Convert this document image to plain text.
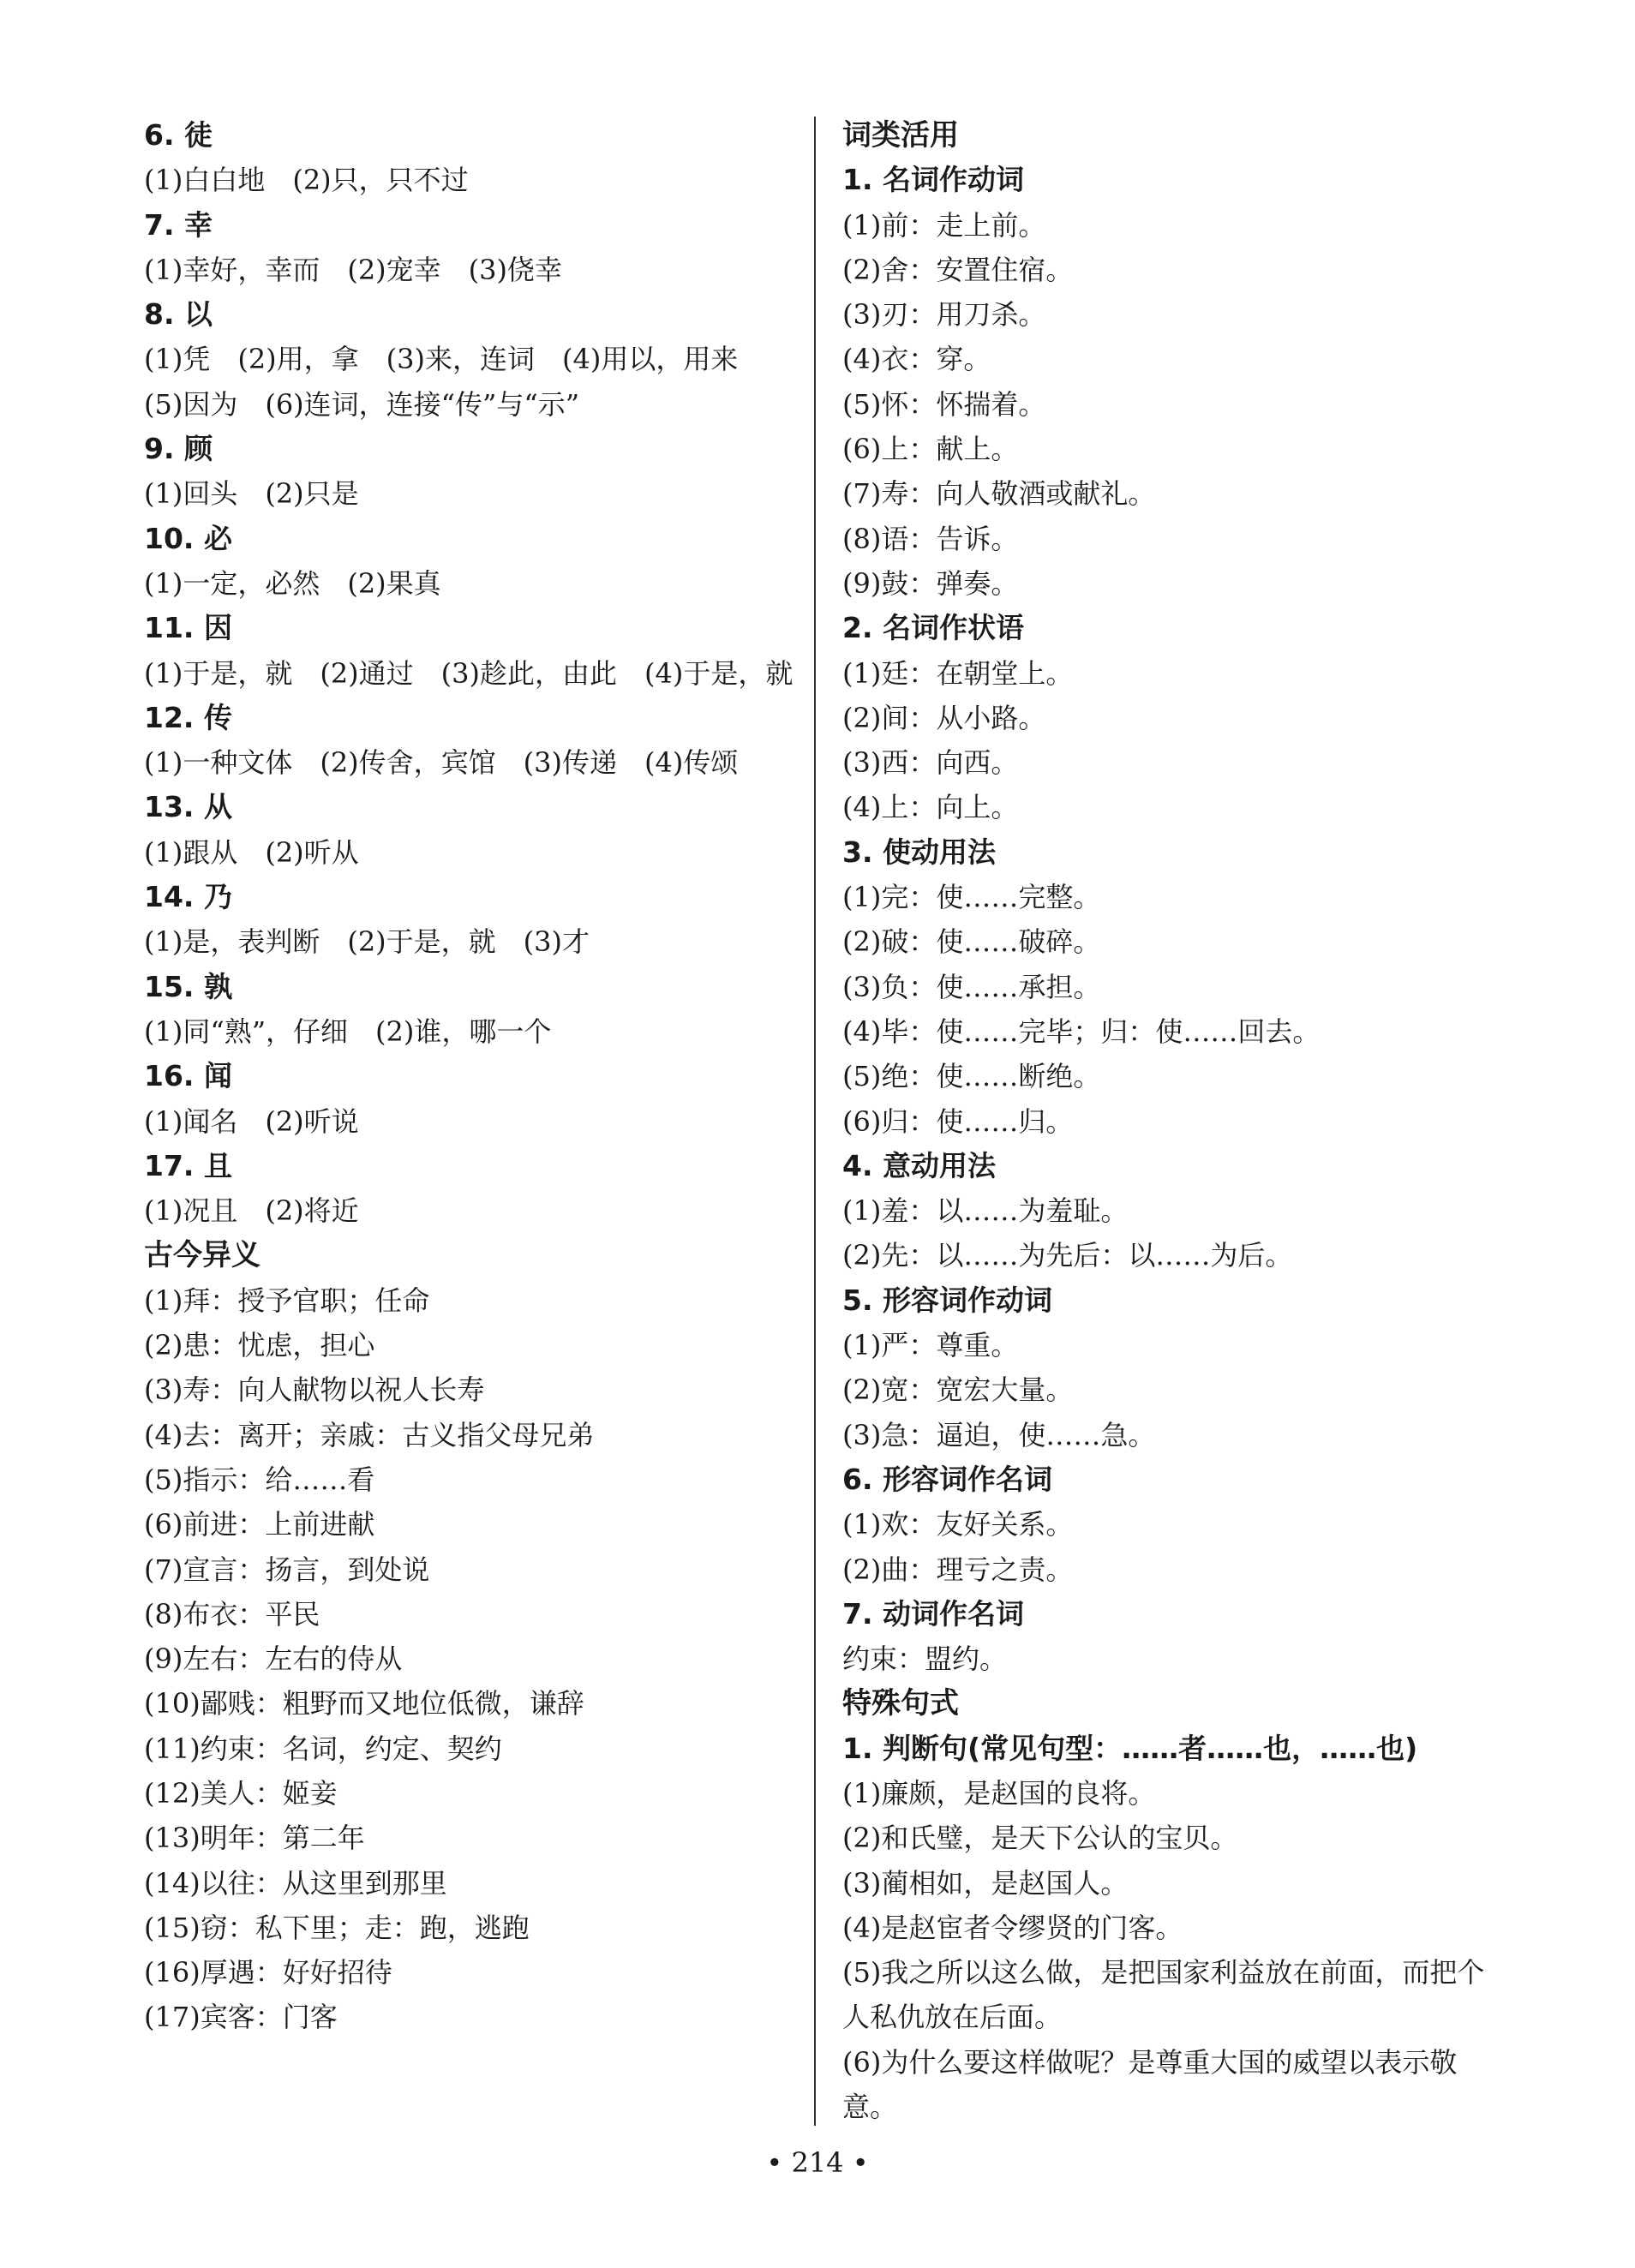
6. 徒
(1)白白地　(2)只，只不过
7. 幸
(1)幸好，幸而　(2)宠幸　(3)侥幸
8. 以
(1)凭　(2)用，拿　(3)来，连词　(4)用以，用来
(5)因为　(6)连词，连接“传”与“示”
9. 顾
(1)回头　(2)只是
10. 必
(1)一定，必然　(2)果真
11. 因
(1)于是，就　(2)通过　(3)趁此，由此　(4)于是，就
12. 传
(1)一种文体　(2)传舍，宾馆　(3)传递　(4)传颂
13. 从
(1)跟从　(2)听从
14. 乃
(1)是，表判断　(2)于是，就　(3)才
15. 孰
(1)同“熟”，仔细　(2)谁，哪一个
16. 闻
(1)闻名　(2)听说
17. 且
(1)况且　(2)将近
古今异义
(1)拜：授予官职；任命
(2)患：忧虑，担心
(3)寿：向人献物以祝人长寿
(4)去：离开；亲戚：古义指父母兄弟
(5)指示：给……看
(6)前进：上前进献
(7)宣言：扬言，到处说
(8)布衣：平民
(9)左右：左右的侍从
(10)鄙贱：粗野而又地位低微，谦辞
(11)约束：名词，约定、契约
(12)美人：姬妾
(13)明年：第二年
(14)以往：从这里到那里
(15)窃：私下里；走：跑，逃跑
(16)厚遇：好好招待
(17)宾客：门客
词类活用
1. 名词作动词
(1)前：走上前。
(2)舍：安置住宿。
(3)刃：用刀杀。
(4)衣：穿。
(5)怀：怀揣着。
(6)上：献上。
(7)寿：向人敬酒或献礼。
(8)语：告诉。
(9)鼓：弹奏。
2. 名词作状语
(1)廷：在朝堂上。
(2)间：从小路。
(3)西：向西。
(4)上：向上。
3. 使动用法
(1)完：使……完整。
(2)破：使……破碎。
(3)负：使……承担。
(4)毕：使……完毕；归：使……回去。
(5)绝：使……断绝。
(6)归：使……归。
4. 意动用法
(1)羞：以……为羞耻。
(2)先：以……为先后：以……为后。
5. 形容词作动词
(1)严：尊重。
(2)宽：宽宏大量。
(3)急：逼迫，使……急。
6. 形容词作名词
(1)欢：友好关系。
(2)曲：理亏之责。
7. 动词作名词
约束：盟约。
特殊句式
1. 判断句(常见句型：……者……也，……也)
(1)廉颇，是赵国的良将。
(2)和氏璧，是天下公认的宝贝。
(3)蔺相如，是赵国人。
(4)是赵宦者令缪贤的门客。
(5)我之所以这么做，是把国家利益放在前面，而把个人私仇放在后面。
(6)为什么要这样做呢？是尊重大国的威望以表示敬意。
• 214 •
